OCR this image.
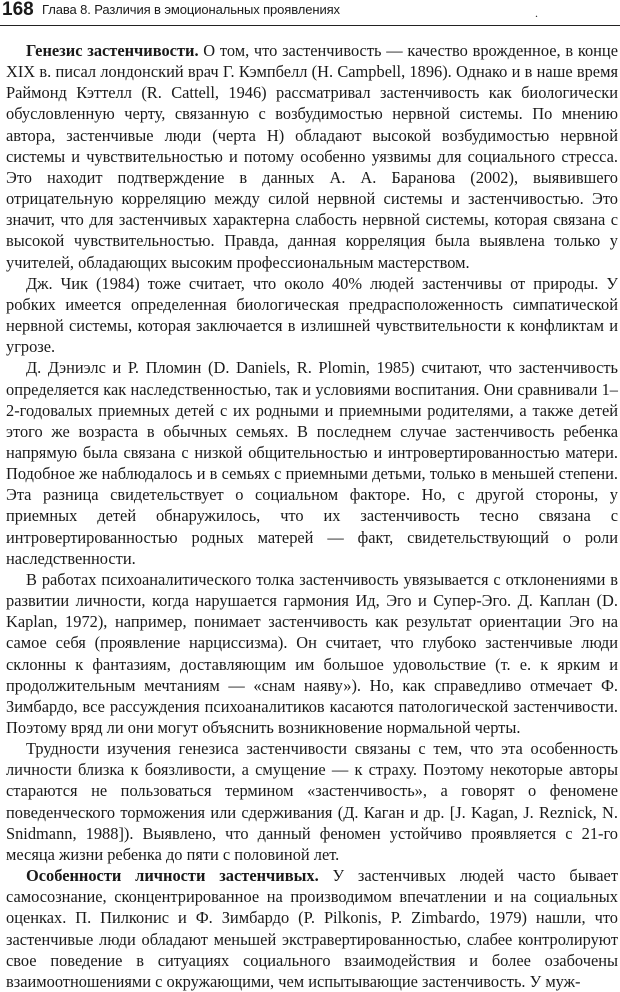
168 Глава 8. Различия в эмоциональных проявлениях	.

Генезис застенчивости. О том, что застенчивость — качество врожденное, в конце XIX в. писал лондонский врач Г. Кэмпбелл (H. Campbell, 1896). Однако и в наше время Раймонд Кэттелл (R. Cattell, 1946) рассматривал застенчивость как биологически обусловленную черту, связанную с возбудимостью нервной системы. По мнению автора, застенчивые люди (черта H) обладают высокой возбудимостью нервной системы и чувствительностью и потому особенно уязвимы для социального стресса. Это находит подтверждение в данных А. А. Баранова (2002), выявившего отрицательную корреляцию между силой нервной системы и застенчивостью. Это значит, что для застенчивых характерна слабость нервной системы, которая связана с высокой чувствительностью. Правда, данная корреляция была выявлена только у учителей, обладающих высоким профессиональным мастерством.

Дж. Чик (1984) тоже считает, что около 40% людей застенчивы от природы. У робких имеется определенная биологическая предрасположенность симпатической нервной системы, которая заключается в излишней чувствительности к конфликтам и угрозе.

Д. Дэниэлс и Р. Пломин (D. Daniels, R. Plomin, 1985) считают, что застенчивость определяется как наследственностью, так и условиями воспитания. Они сравнивали 1–2-годовалых приемных детей с их родными и приемными родителями, а также детей этого же возраста в обычных семьях. В последнем случае застенчивость ребенка напрямую была связана с низкой общительностью и интровертированностью матери. Подобное же наблюдалось и в семьях с приемными детьми, только в меньшей степени. Эта разница свидетельствует о социальном факторе. Но, с другой стороны, у приемных детей обнаружилось, что их застенчивость тесно связана с интровертированностью родных матерей — факт, свидетельствующий о роли наследственности.

В работах психоаналитического толка застенчивость увязывается с отклонениями в развитии личности, когда нарушается гармония Ид, Эго и Супер-Эго. Д. Каплан (D. Kaplan, 1972), например, понимает застенчивость как результат ориентации Эго на самое себя (проявление нарциссизма). Он считает, что глубоко застенчивые люди склонны к фантазиям, доставляющим им большое удовольствие (т. е. к ярким и продолжительным мечтаниям — «снам наяву»). Но, как справедливо отмечает Ф. Зимбардо, все рассуждения психоаналитиков касаются патологической застенчивости. Поэтому вряд ли они могут объяснить возникновение нормальной черты.

Трудности изучения генезиса застенчивости связаны с тем, что эта особенность личности близка к боязливости, а смущение — к страху. Поэтому некоторые авторы стараются не пользоваться термином «застенчивость», а говорят о феномене поведенческого торможения или сдерживания (Д. Каган и др. [J. Kagan, J. Reznick, N. Snidmann, 1988]). Выявлено, что данный феномен устойчиво проявляется с 21-го месяца жизни ребенка до пяти с половиной лет.

Особенности личности застенчивых. У застенчивых людей часто бывает самосознание, сконцентрированное на производимом впечатлении и на социальных оценках. П. Пилконис и Ф. Зимбардо (P. Pilkonis, P. Zimbardo, 1979) нашли, что застенчивые люди обладают меньшей экстравертированностью, слабее контролируют свое поведение в ситуациях социального взаимодействия и более озабочены взаимоотношениями с окружающими, чем испытывающие застенчивость. У муж-
